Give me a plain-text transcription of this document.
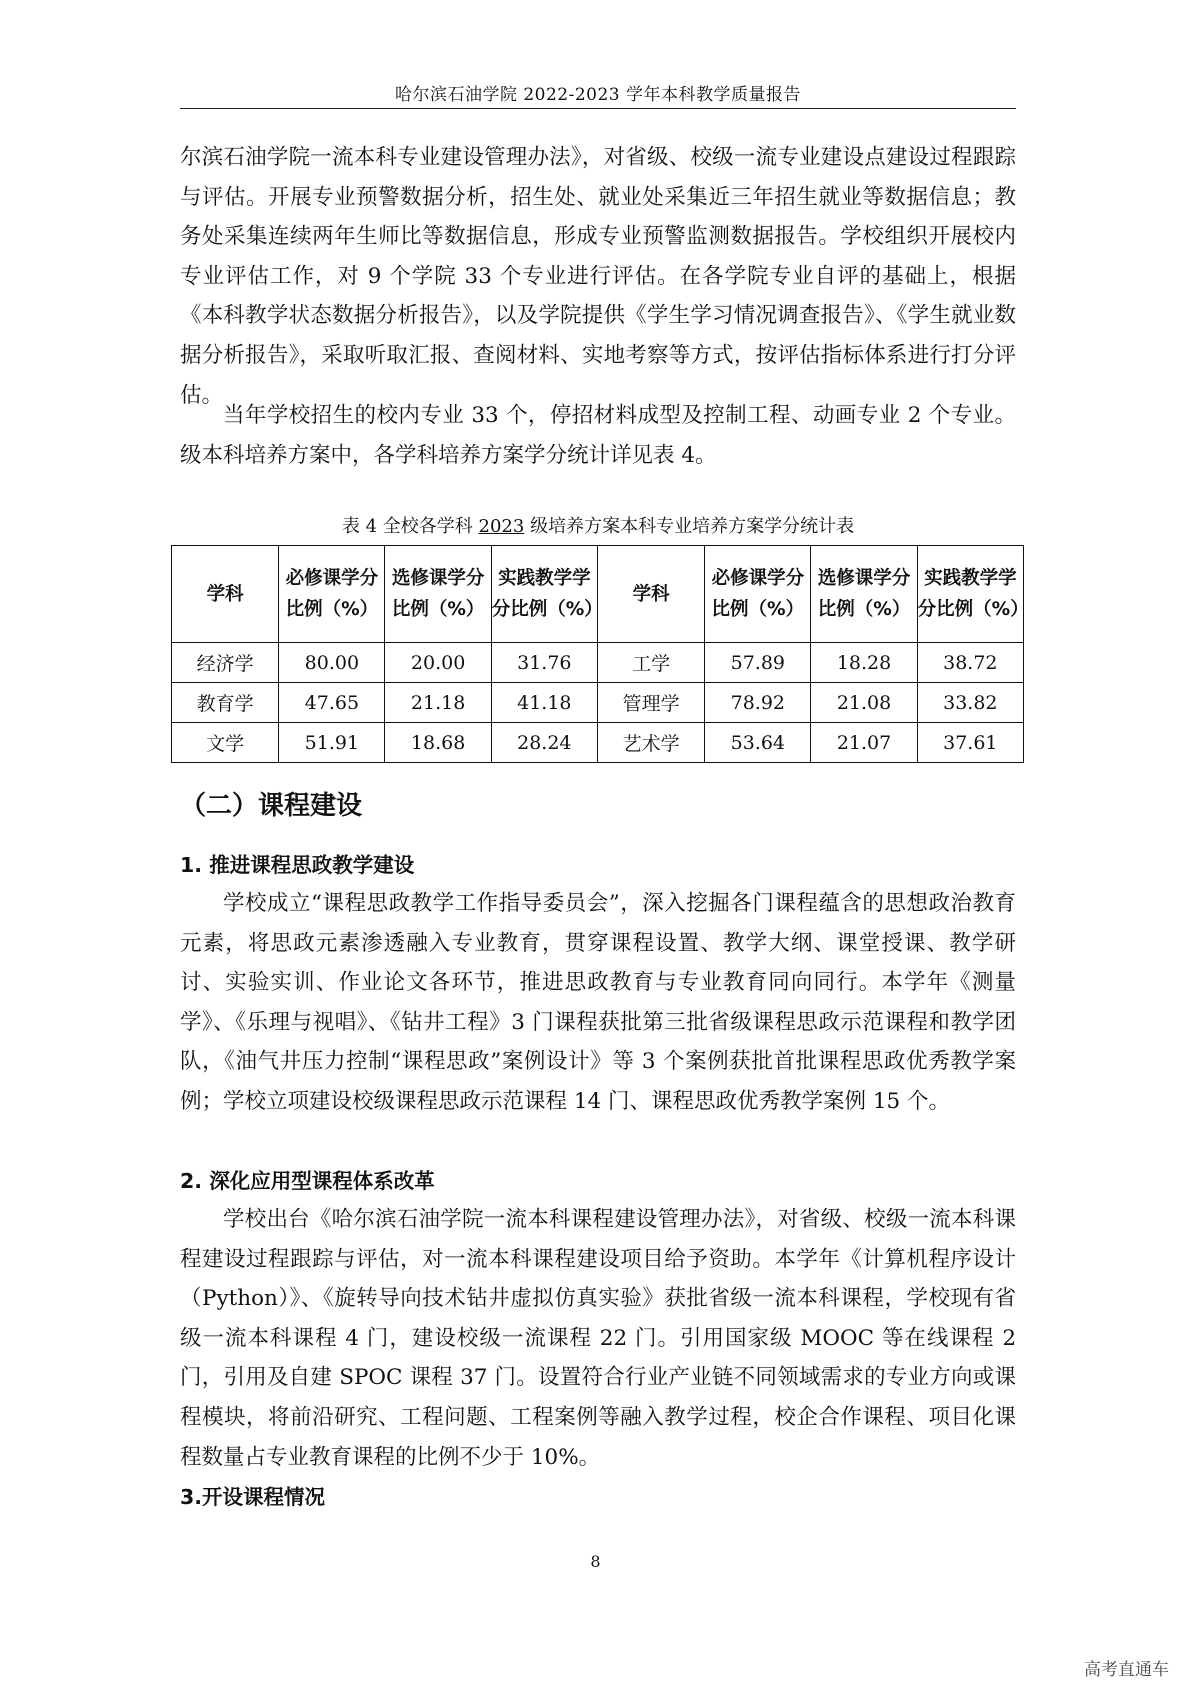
哈尔滨石油学院 2022-2023 学年本科教学质量报告

尔滨石油学院一流本科专业建设管理办法》，对省级、校级一流专业建设点建设过程跟踪与评估。开展专业预警数据分析，招生处、就业处采集近三年招生就业等数据信息；教务处采集连续两年生师比等数据信息，形成专业预警监测数据报告。学校组织开展校内专业评估工作，对 9 个学院 33 个专业进行评估。在各学院专业自评的基础上，根据《本科教学状态数据分析报告》，以及学院提供《学生学习情况调查报告》、《学生就业数据分析报告》，采取听取汇报、查阅材料、实地考察等方式，按评估指标体系进行打分评估。

当年学校招生的校内专业 33 个，停招材料成型及控制工程、动画专业 2 个专业。级本科培养方案中，各学科培养方案学分统计详见表 4。

表 4 全校各学科 2023 级培养方案本科专业培养方案学分统计表
学科	必修课学分比例（%）	选修课学分比例（%）	实践教学学分比例（%）	学科	必修课学分比例（%）	选修课学分比例（%）	实践教学学分比例（%）
经济学	80.00	20.00	31.76	工学	57.89	18.28	38.72
教育学	47.65	21.18	41.18	管理学	78.92	21.08	33.82
文学	51.91	18.68	28.24	艺术学	53.64	21.07	37.61
（二）课程建设
1. 推进课程思政教学建设

学校成立“课程思政教学工作指导委员会”，深入挖掘各门课程蕴含的思想政治教育元素，将思政元素渗透融入专业教育，贯穿课程设置、教学大纲、课堂授课、教学研讨、实验实训、作业论文各环节，推进思政教育与专业教育同向同行。本学年《测量学》、《乐理与视唱》、《钻井工程》3 门课程获批第三批省级课程思政示范课程和教学团队，《油气井压力控制“课程思政”案例设计》等 3 个案例获批首批课程思政优秀教学案例；学校立项建设校级课程思政示范课程 14 门、课程思政优秀教学案例 15 个。

2. 深化应用型课程体系改革

学校出台《哈尔滨石油学院一流本科课程建设管理办法》，对省级、校级一流本科课程建设过程跟踪与评估，对一流本科课程建设项目给予资助。本学年《计算机程序设计（Python）》、《旋转导向技术钻井虚拟仿真实验》获批省级一流本科课程，学校现有省级一流本科课程 4 门，建设校级一流课程 22 门。引用国家级 MOOC 等在线课程 2 门，引用及自建 SPOC 课程 37 门。设置符合行业产业链不同领域需求的专业方向或课程模块，将前沿研究、工程问题、工程案例等融入教学过程，校企合作课程、项目化课程数量占专业教育课程的比例不少于 10%。

3.开设课程情况
8
高考直通车
